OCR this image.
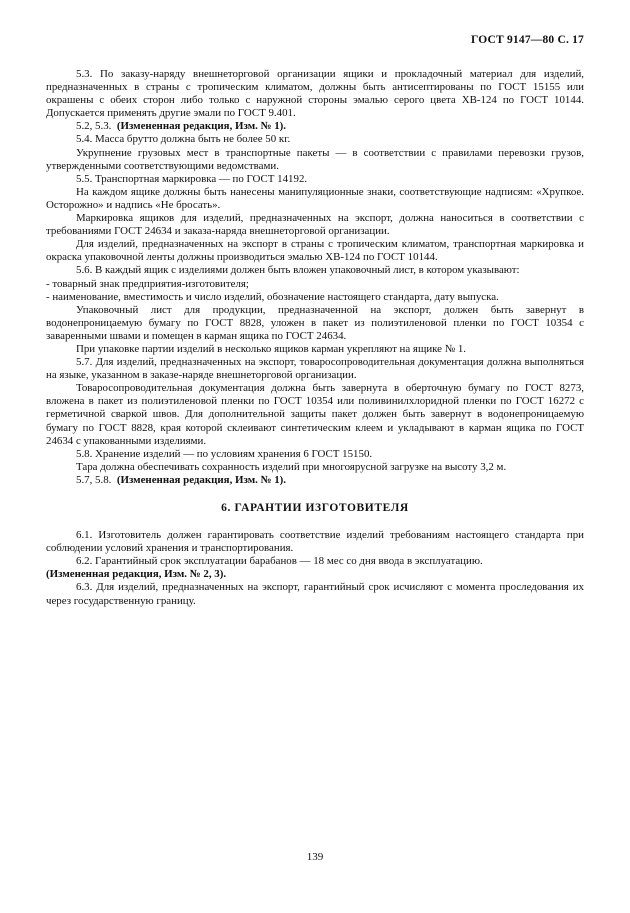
ГОСТ 9147—80 С. 17

5.3. По заказу-наряду внешнеторговой организации ящики и прокладочный материал для изделий, предназначенных в страны с тропическим климатом, должны быть антисептированы по ГОСТ 15155 или окрашены с обеих сторон либо только с наружной стороны эмалью серого цвета ХВ-124 по ГОСТ 10144. Допускается применять другие эмали по ГОСТ 9.401.

5.2, 5.3. (Измененная редакция, Изм. № 1).

5.4. Масса брутто должна быть не более 50 кг.

Укрупнение грузовых мест в транспортные пакеты — в соответствии с правилами перевозки грузов, утвержденными соответствующими ведомствами.

5.5. Транспортная маркировка — по ГОСТ 14192.

На каждом ящике должны быть нанесены манипуляционные знаки, соответствующие надписям: «Хрупкое. Осторожно» и надпись «Не бросать».

Маркировка ящиков для изделий, предназначенных на экспорт, должна наноситься в соответствии с требованиями ГОСТ 24634 и заказа-наряда внешнеторговой организации.

Для изделий, предназначенных на экспорт в страны с тропическим климатом, транспортная маркировка и окраска упаковочной ленты должны производиться эмалью ХВ-124 по ГОСТ 10144.

5.6. В каждый ящик с изделиями должен быть вложен упаковочный лист, в котором указывают:

- товарный знак предприятия-изготовителя;

- наименование, вместимость и число изделий, обозначение настоящего стандарта, дату выпуска.

Упаковочный лист для продукции, предназначенной на экспорт, должен быть завернут в водонепроницаемую бумагу по ГОСТ 8828, уложен в пакет из полиэтиленовой пленки по ГОСТ 10354 с заваренными швами и помещен в карман ящика по ГОСТ 24634.

При упаковке партии изделий в несколько ящиков карман укрепляют на ящике № 1.

5.7. Для изделий, предназначенных на экспорт, товаросопроводительная документация должна выполняться на языке, указанном в заказе-наряде внешнеторговой организации.

Товаросопроводительная документация должна быть завернута в оберточную бумагу по ГОСТ 8273, вложена в пакет из полиэтиленовой пленки по ГОСТ 10354 или поливинилхлоридной пленки по ГОСТ 16272 с герметичной сваркой швов. Для дополнительной защиты пакет должен быть завернут в водонепроницаемую бумагу по ГОСТ 8828, края которой склеивают синтетическим клеем и укладывают в карман ящика по ГОСТ 24634 с упакованными изделиями.

5.8. Хранение изделий — по условиям хранения 6 ГОСТ 15150.

Тара должна обеспечивать сохранность изделий при многоярусной загрузке на высоту 3,2 м.

5.7, 5.8. (Измененная редакция, Изм. № 1).

6. ГАРАНТИИ ИЗГОТОВИТЕЛЯ

6.1. Изготовитель должен гарантировать соответствие изделий требованиям настоящего стандарта при соблюдении условий хранения и транспортирования.

6.2. Гарантийный срок эксплуатации барабанов — 18 мес со дня ввода в эксплуатацию.

(Измененная редакция, Изм. № 2, 3).

6.3. Для изделий, предназначенных на экспорт, гарантийный срок исчисляют с момента проследования их через государственную границу.

139
